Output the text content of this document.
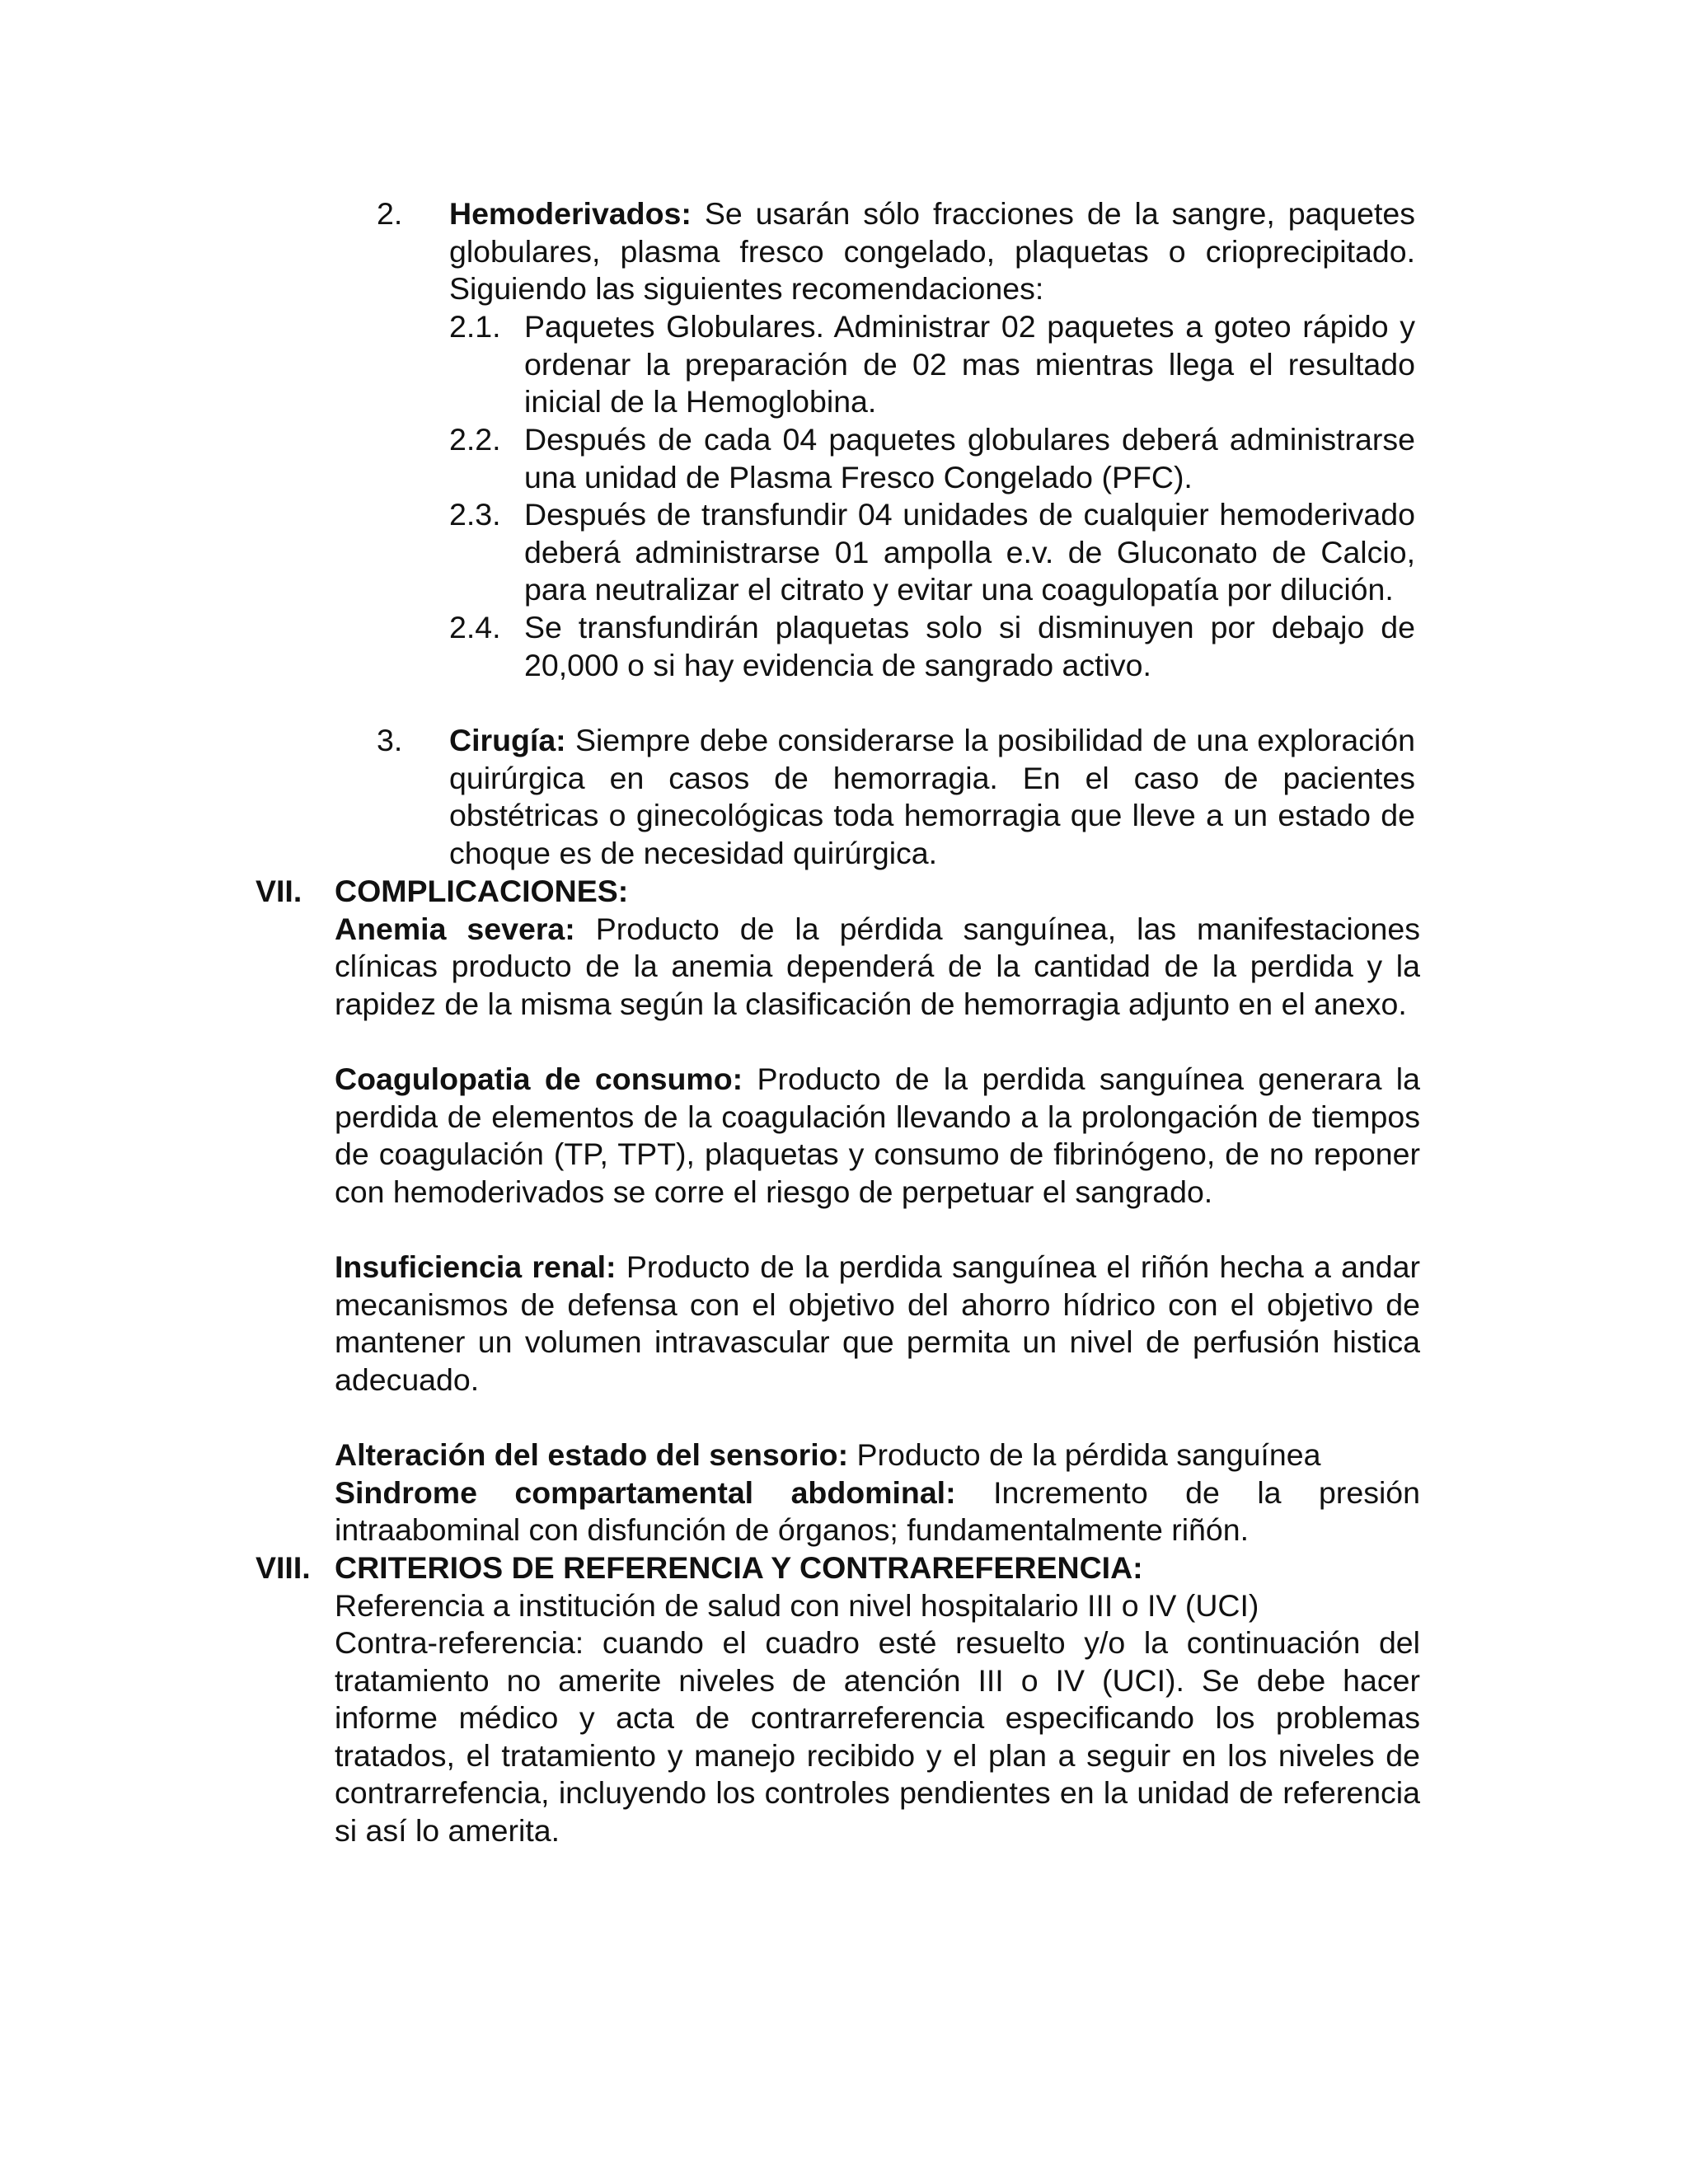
2. Hemoderivados: Se usarán sólo fracciones de la sangre, paquetes globulares, plasma fresco congelado, plaquetas o crioprecipitado. Siguiendo las siguientes recomendaciones:
2.1. Paquetes Globulares. Administrar 02 paquetes a goteo rápido y ordenar la preparación de 02 mas mientras llega el resultado inicial de la Hemoglobina.
2.2. Después de cada 04 paquetes globulares deberá administrarse una unidad de Plasma Fresco Congelado (PFC).
2.3. Después de transfundir 04 unidades de cualquier hemoderivado deberá administrarse 01 ampolla e.v. de Gluconato de Calcio, para neutralizar el citrato y evitar una coagulopatía por dilución.
2.4. Se transfundirán plaquetas solo si disminuyen por debajo de 20,000 o si hay evidencia de sangrado activo.
3. Cirugía: Siempre debe considerarse la posibilidad de una exploración quirúrgica en casos de hemorragia. En el caso de pacientes obstétricas o ginecológicas toda hemorragia que lleve a un estado de choque es de necesidad quirúrgica.
VII. COMPLICACIONES:

Anemia severa: Producto de la pérdida sanguínea, las manifestaciones clínicas producto de la anemia dependerá de la cantidad de la perdida y la rapidez de la misma según la clasificación de hemorragia adjunto en el anexo.

Coagulopatia de consumo: Producto de la perdida sanguínea generara la perdida de elementos de la coagulación llevando a la prolongación de tiempos de coagulación (TP, TPT), plaquetas y consumo de fibrinógeno, de no reponer con hemoderivados se corre el riesgo de perpetuar el sangrado.

Insuficiencia renal: Producto de la perdida sanguínea el riñón hecha a andar mecanismos de defensa con el objetivo del ahorro hídrico con el objetivo de mantener un volumen intravascular que permita un nivel de perfusión histica adecuado.

Alteración del estado del sensorio: Producto de la pérdida sanguínea

Sindrome compartamental abdominal: Incremento de la presión intraabominal con disfunción de órganos; fundamentalmente riñón.

VIII. CRITERIOS DE REFERENCIA Y CONTRAREFERENCIA:

Referencia a institución de salud con nivel hospitalario III o IV (UCI)

Contra-referencia: cuando el cuadro esté resuelto y/o la continuación del tratamiento no amerite niveles de atención III o IV (UCI). Se debe hacer informe médico y acta de contrarreferencia especificando los problemas tratados, el tratamiento y manejo recibido y el plan a seguir en los niveles de contrarrefencia, incluyendo los controles pendientes en la unidad de referencia si así lo amerita.
